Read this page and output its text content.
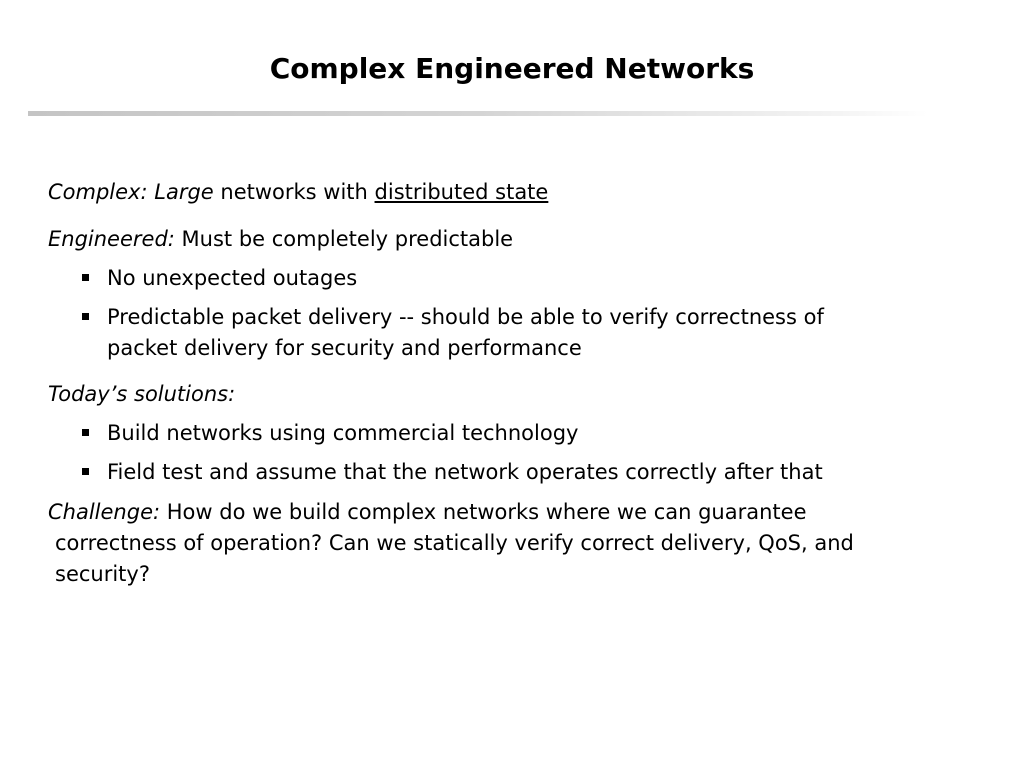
Complex Engineered Networks
Complex: Large networks with distributed state
Engineered: Must be completely predictable
No unexpected outages
Predictable packet delivery -- should be able to verify correctness of
packet delivery for security and performance
Today’s solutions:
Build networks using commercial technology
Field test and assume that the network operates correctly after that
Challenge: How do we build complex networks where we can guarantee
correctness of operation? Can we statically verify correct delivery, QoS, and
security?
